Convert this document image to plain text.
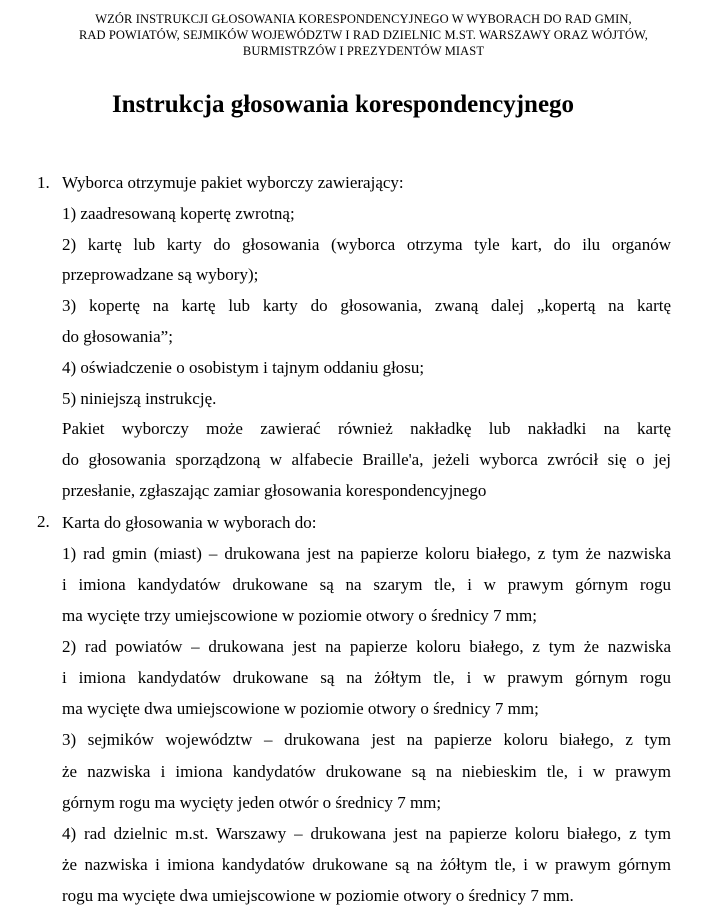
WZÓR INSTRUKCJI GŁOSOWANIA KORESPONDENCYJNEGO W WYBORACH DO RAD GMIN,
RAD POWIATÓW, SEJMIKÓW WOJEWÓDZTW I RAD DZIELNIC M.ST. WARSZAWY ORAZ WÓJTÓW,
BURMISTRZÓW I PREZYDENTÓW MIAST
Instrukcja głosowania korespondencyjnego
1. Wyborca otrzymuje pakiet wyborczy zawierający:
1) zaadresowaną kopertę zwrotną;
2) kartę lub karty do głosowania (wyborca otrzyma tyle kart, do ilu organów
przeprowadzane są wybory);
3) kopertę na kartę lub karty do głosowania, zwaną dalej „kopertą na kartę
do głosowania”;
4) oświadczenie o osobistym i tajnym oddaniu głosu;
5) niniejszą instrukcję.
Pakiet wyborczy może zawierać również nakładkę lub nakładki na kartę
do głosowania sporządzoną w alfabecie Braille'a, jeżeli wyborca zwrócił się o jej
przesłanie, zgłaszając zamiar głosowania korespondencyjnego
2. Karta do głosowania w wyborach do:
1) rad gmin (miast) – drukowana jest na papierze koloru białego, z tym że nazwiska
i imiona kandydatów drukowane są na szarym tle, i w prawym górnym rogu
ma wycięte trzy umiejscowione w poziomie otwory o średnicy 7 mm;
2) rad powiatów – drukowana jest na papierze koloru białego, z tym że nazwiska
i imiona kandydatów drukowane są na żółtym tle, i w prawym górnym rogu
ma wycięte dwa umiejscowione w poziomie otwory o średnicy 7 mm;
3) sejmików województw – drukowana jest na papierze koloru białego, z tym
że nazwiska i imiona kandydatów drukowane są na niebieskim tle, i w prawym
górnym rogu ma wycięty jeden otwór o średnicy 7 mm;
4) rad dzielnic m.st. Warszawy – drukowana jest na papierze koloru białego, z tym
że nazwiska i imiona kandydatów drukowane są na żółtym tle, i w prawym górnym
rogu ma wycięte dwa umiejscowione w poziomie otwory o średnicy 7 mm.
